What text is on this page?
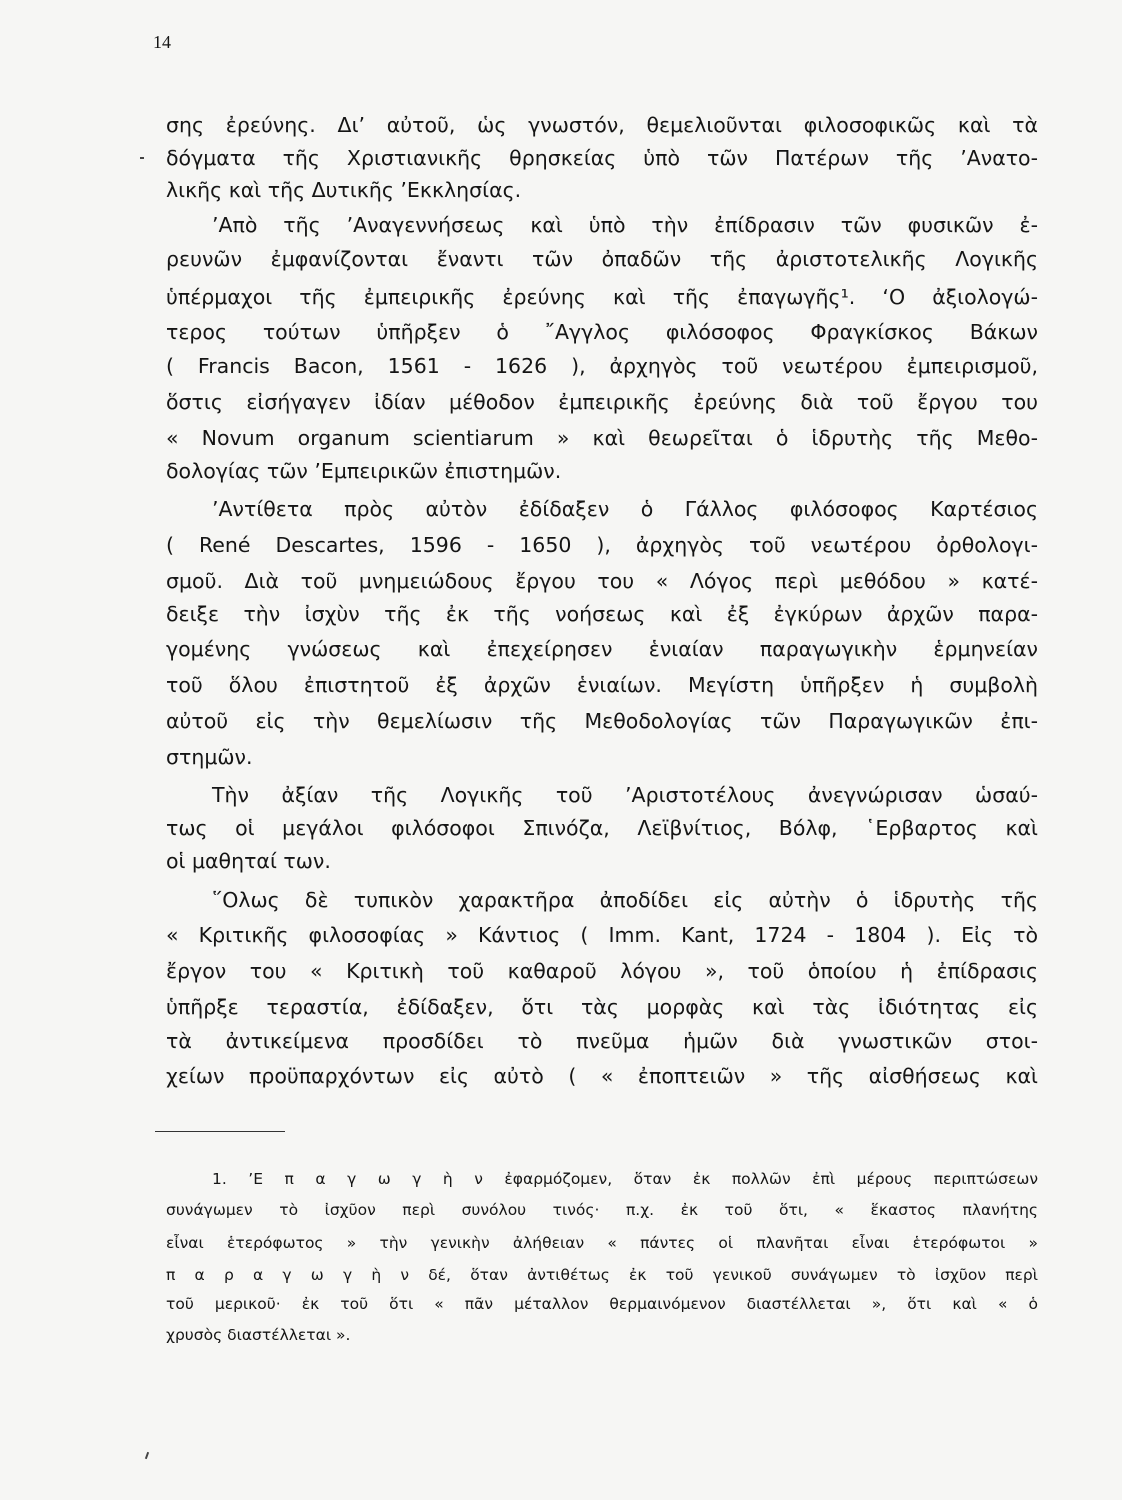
14
σης ἐρεύνης. Δι’ αὐτοῦ, ὡς γνωστόν, θεμελιοῦνται φιλοσοφικῶς καὶ τὰ
δόγματα τῆς Χριστιανικῆς θρησκείας ὑπὸ τῶν Πατέρων τῆς ’Ανατο-
λικῆς καὶ τῆς Δυτικῆς ’Εκκλησίας.
’Απὸ τῆς ’Αναγεννήσεως καὶ ὑπὸ τὴν ἐπίδρασιν τῶν φυσικῶν ἐ-
ρευνῶν ἐμφανίζονται ἔναντι τῶν ὀπαδῶν τῆς ἀριστοτελικῆς Λογικῆς
ὑπέρμαχοι τῆς ἐμπειρικῆς ἐρεύνης καὶ τῆς ἐπαγωγῆς¹. ‘Ο ἀξιολογώ-
τερος τούτων ὑπῆρξεν ὁ ῎Αγγλος φιλόσοφος Φραγκίσκος Βάκων
( Francis Bacon, 1561 - 1626 ), ἀρχηγὸς τοῦ νεωτέρου ἐμπειρισμοῦ,
ὅστις εἰσήγαγεν ἰδίαν μέθοδον ἐμπειρικῆς ἐρεύνης διὰ τοῦ ἔργου του
« Novum organum scientiarum » καὶ θεωρεῖται ὁ ἱδρυτὴς τῆς Μεθο-
δολογίας τῶν ’Εμπειρικῶν ἐπιστημῶν.
’Αντίθετα πρὸς αὐτὸν ἐδίδαξεν ὁ Γάλλος φιλόσοφος Καρτέσιος
( René Descartes, 1596 - 1650 ), ἀρχηγὸς τοῦ νεωτέρου ὀρθολογι-
σμοῦ. Διὰ τοῦ μνημειώδους ἔργου του « Λόγος περὶ μεθόδου » κατέ-
δειξε τὴν ἰσχὺν τῆς ἐκ τῆς νοήσεως καὶ ἐξ ἐγκύρων ἀρχῶν παρα-
γομένης γνώσεως καὶ ἐπεχείρησεν ἑνιαίαν παραγωγικὴν ἑρμηνείαν
τοῦ ὅλου ἐπιστητοῦ ἐξ ἀρχῶν ἑνιαίων. Μεγίστη ὑπῆρξεν ἡ συμβολὴ
αὐτοῦ εἰς τὴν θεμελίωσιν τῆς Μεθοδολογίας τῶν Παραγωγικῶν ἐπι-
στημῶν.
Τὴν ἀξίαν τῆς Λογικῆς τοῦ ’Αριστοτέλους ἀνεγνώρισαν ὡσαύ-
τως οἱ μεγάλοι φιλόσοφοι Σπινόζα, Λεϊβνίτιος, Βόλφ, ῾Ερβαρτος καὶ
οἱ μαθηταί των.
῞Ολως δὲ τυπικὸν χαρακτῆρα ἀποδίδει εἰς αὐτὴν ὁ ἱδρυτὴς τῆς
« Κριτικῆς φιλοσοφίας » Κάντιος ( Imm. Kant, 1724 - 1804 ). Εἰς τὸ
ἔργον του « Κριτικὴ τοῦ καθαροῦ λόγου », τοῦ ὁποίου ἡ ἐπίδρασις
ὑπῆρξε τεραστία, ἐδίδαξεν, ὅτι τὰς μορφὰς καὶ τὰς ἰδιότητας εἰς
τὰ ἀντικείμενα προσδίδει τὸ πνεῦμα ἡμῶν διὰ γνωστικῶν στοι-
χείων προϋπαρχόντων εἰς αὐτὸ ( « ἐποπτειῶν » τῆς αἰσθήσεως καὶ
1. ’Ε π α γ ω γ ὴ ν ἐφαρμόζομεν, ὅταν ἐκ πολλῶν ἐπὶ μέρους περιπτώσεων
συνάγωμεν τὸ ἰσχῦον περὶ συνόλου τινός· π.χ. ἐκ τοῦ ὅτι, « ἕκαστος πλανήτης
εἶναι ἑτερόφωτος » τὴν γενικὴν ἀλήθειαν « πάντες οἱ πλανῆται εἶναι ἑτερόφωτοι »
π α ρ α γ ω γ ὴ ν δέ, ὅταν ἀντιθέτως ἐκ τοῦ γενικοῦ συνάγωμεν τὸ ἰσχῦον περὶ
τοῦ μερικοῦ· ἐκ τοῦ ὅτι « πᾶν μέταλλον θερμαινόμενον διαστέλλεται », ὅτι καὶ « ὁ
χρυσὸς διαστέλλεται ».
